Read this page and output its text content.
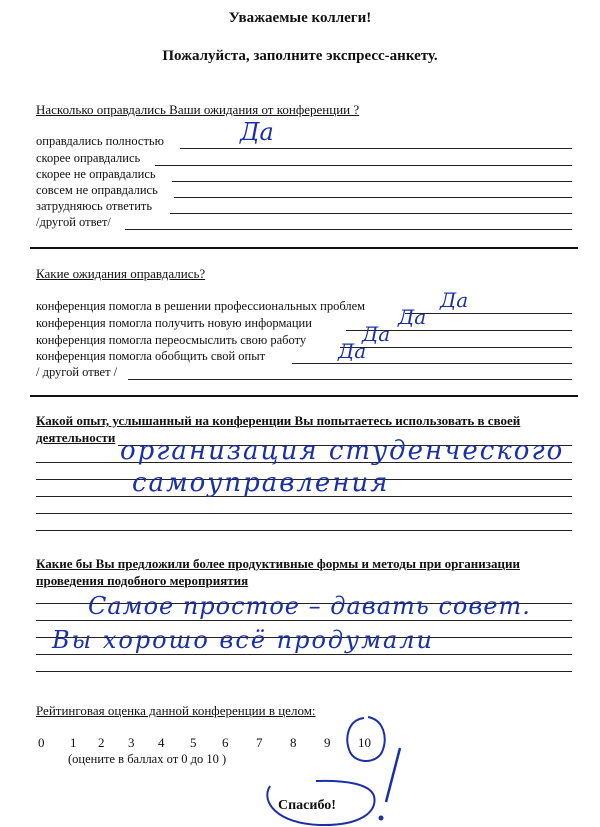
Уважаемые коллеги!
Пожалуйста, заполните экспресс-анкету.
Насколько оправдались Ваши ожидания от конференции ?
оправдались полностью
скорее оправдались
скорее не оправдались
совсем не оправдались
затрудняюсь ответить
/другой ответ/
Да
Какие ожидания оправдались?
конференция помогла в решении профессиональных проблем
конференция помогла получить новую информации
конференция помогла переосмыслить свою работу
конференция помогла обобщить свой опыт
/ другой ответ /
Да
Да
Да
Да
Какой опыт, услышанный на конференции Вы попытаетесь использовать в своей
деятельности организация студенческого
самоуправления
Какие бы Вы предложили более продуктивные формы и методы при организации
проведения подобного мероприятия
Самое простое – давать совет.
Вы хорошо всё продумали
Рейтинговая оценка данной конференции в целом:
0 1 2 3 4 5 6 7 8 9 10
(оцените в баллах от 0 до 10 )
Спасибо!
